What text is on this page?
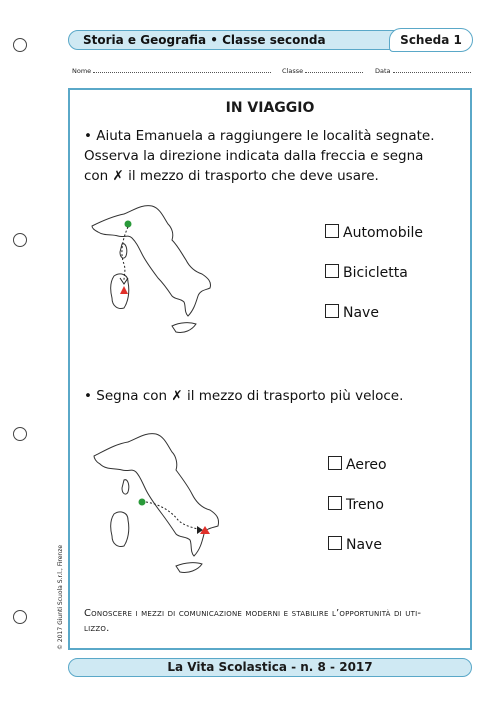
Storia e Geografia • Classe seconda	Scheda 1
Nome	Classe	Data
IN VIAGGIO
• Aiuta Emanuela a raggiungere le località segnate.
Osserva la direzione indicata dalla freccia e segna
con ✗ il mezzo di trasporto che deve usare.
Automobile
Bicicletta
Nave
• Segna con ✗ il mezzo di trasporto più veloce.
Aereo
Treno
Nave
Conoscere i mezzi di comunicazione moderni e stabilire l’opportunità di uti-
lizzo.
© 2017 Giunti Scuola S.r.l., Firenze
La Vita Scolastica - n. 8 - 2017
